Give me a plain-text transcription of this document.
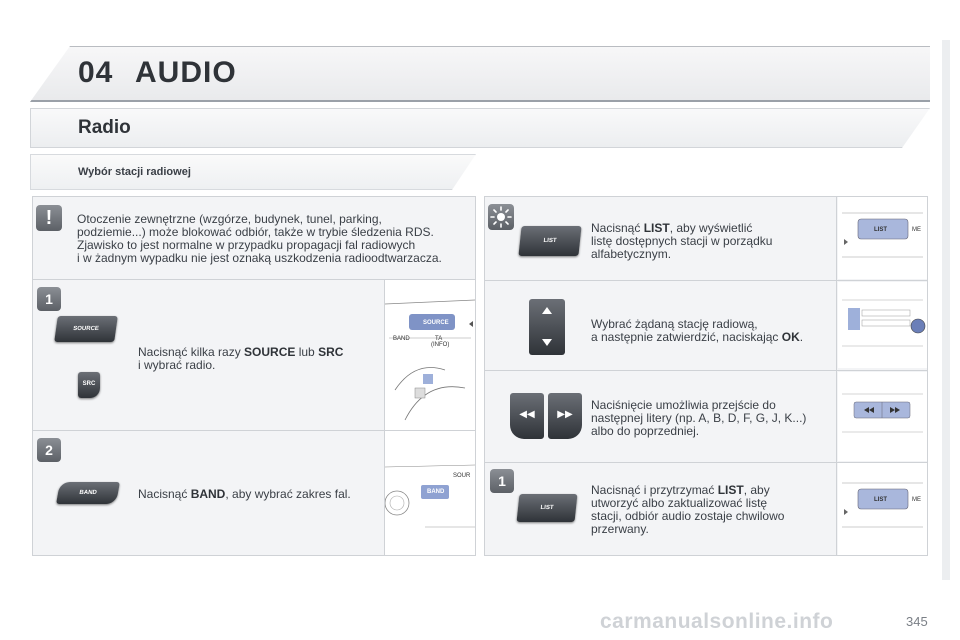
04 AUDIO
Radio
Wybór stacji radiowej
!	Otoczenie zewnętrzne (wzgórze, budynek, tunel, parking,
podziemie...) może blokować odbiór, także w trybie śledzenia RDS.
Zjawisko to jest normalne w przypadku propagacji fal radiowych
i w żadnym wypadku nie jest oznaką uszkodzenia radioodtwarzacza.
1
SOURCE
SRC
Nacisnąć kilka razy SOURCE lub SRC
i wybrać radio.
SOURCE
BAND	TA
(INFO)
2
BAND	Nacisnąć BAND, aby wybrać zakres fal.	BAND
SOUR
LIST
Nacisnąć LIST, aby wyświetlić
listę dostępnych stacji w porządku
alfabetycznym.
LIST	ME
Wybrać żądaną stację radiową,
a następnie zatwierdzić, naciskając OK.
◀◀	▶▶
Naciśnięcie umożliwia przejście do
następnej litery (np. A, B, D, F, G, J, K...)
albo do poprzedniej.
1
LIST
Nacisnąć i przytrzymać LIST, aby
utworzyć albo zaktualizować listę
stacji, odbiór audio zostaje chwilowo
przerwany.
LIST	ME
carmanualsonline.info	345
